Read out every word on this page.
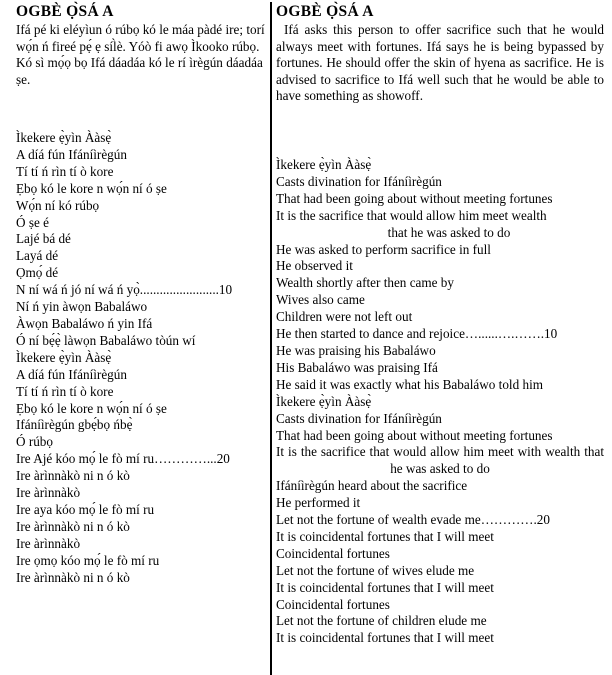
OGBÈ Ọ̀SÁ A
Ifá pé ki eléyìun ó rúbọ kó le máa pàdé ire; torí wọ́n ń fireé pẹ́ ẹ síl̀è. Yóò fi awọ Ìkooko rúbọ. Kó sì mọ́ọ bọ Ifá dáadáa kó le rí ìrègún dáadáa ṣe.
Ìkekere ẹ̀yìn Ààsẹ̀
A díá fún Ifáníìrègún
Tí tí ń rìn tí ò kore
Ẹbọ kó le kore n wọ́n ní ó ṣe
Wọ́n ní kó rúbọ
Ó ṣe é
Lajé bá dé
Layá dé
Ọmọ́ dé
N ní wá ń jó ní wá ń yọ̀........................10
Ní ń yin àwọn Babaláwo
Àwọn Babaláwo ń yin Ifá
Ó ní bẹ́ẹ̀ làwọn Babaláwo tòún wí
Ìkekere ẹ̀yìn Ààsẹ̀
A díá fún Ifáníìrègún
Tí tí ń rìn tí ò kore
Ẹbọ kó le kore n wọ́n ní ó ṣe
Ifáníìrègún gbẹ́bọ ńbẹ̀
Ó rúbọ
Ire Ajé kóo mọ́ le fò mí ru…………...20
Ire àrìnnàkò ni n ó kò
Ire àrìnnàkò
Ire aya kóo mọ́ le fò mí ru
Ire àrìnnàkò ni n ó kò
Ire àrìnnàkò
Ire ọmọ kóo mọ́ le fò mí ru
Ire àrìnnàkò ni n ó kò
OGBÈ Ọ̀SÁ A
Ifá asks this person to offer sacrifice such that he would always meet with fortunes. Ifá says he is being bypassed by fortunes. He should offer the skin of hyena as sacrifice. He is advised to sacrifice to Ifá well such that he would be able to have something as showoff.
Ìkekere ẹ̀yìn Ààsẹ̀
Casts divination for Ifáníìrègún
That had been going about without meeting fortunes
It is the sacrifice that would allow him meet wealth
that he was asked to do
He was asked to perform sacrifice in full
He observed it
Wealth shortly after then came by
Wives also came
Children were not left out
He then started to dance and rejoice…......….…….10
He was praising his Babaláwo
His Babaláwo was praising Ifá
He said it was exactly what his Babaláwo told him
Ìkekere ẹ̀yìn Ààsẹ̀
Casts divination for Ifáníìrègún
That had been going about without meeting fortunes
It is the sacrifice that would allow him meet with wealth that he was asked to do
Ifáníìrègún heard about the sacrifice
He performed it
Let not the fortune of wealth evade me………….20
It is coincidental fortunes that I will meet
Coincidental fortunes
Let not the fortune of wives elude me
It is coincidental fortunes that I will meet
Coincidental fortunes
Let not the fortune of children elude me
It is coincidental fortunes that I will meet
